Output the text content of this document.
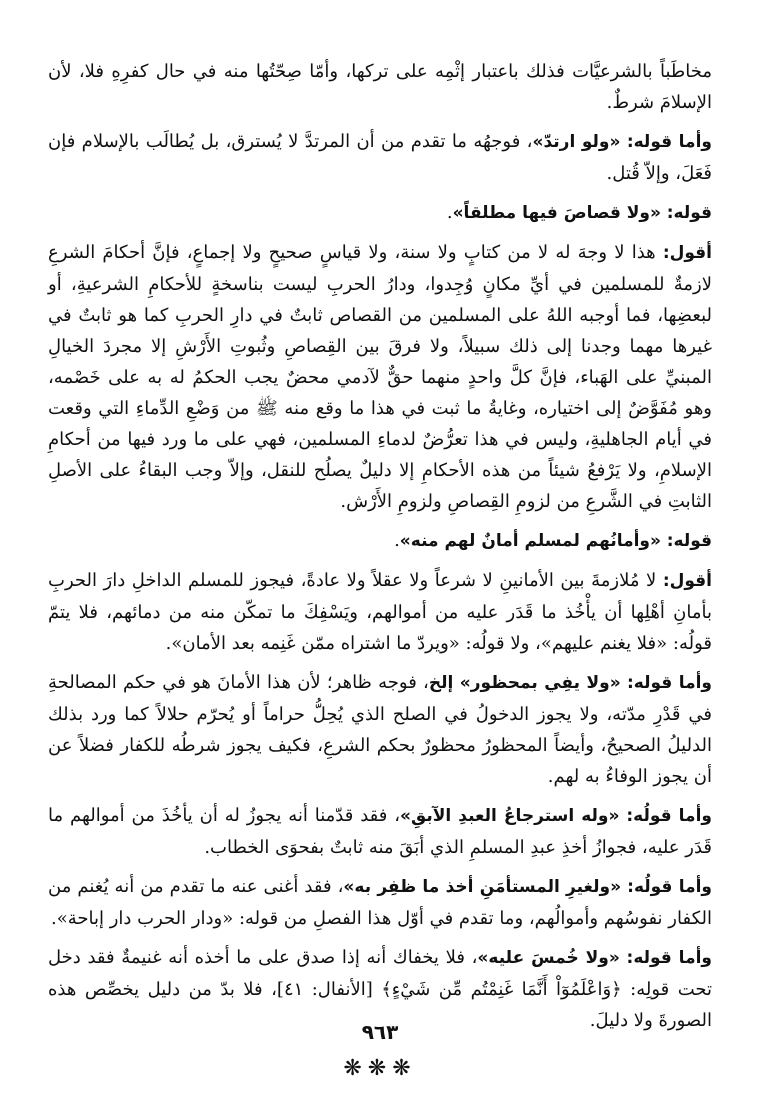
مخاطَباً بالشرعيَّات فذلك باعتبار إثْمِه على تركها، وأمّا صِحّتُها منه في حال كفرِهِ فلا، لأن الإسلامَ شرطٌ.

وأما قوله: «ولو ارتدّ»، فوجهُه ما تقدم من أن المرتدَّ لا يُسترق، بل يُطالَب بالإسلام فإن فَعَلَ، وإلاّ قُتل.

قوله: «ولا قصاصَ فيها مطلقاً».

أقول: هذا لا وجهَ له لا من كتابٍ ولا سنة، ولا قياسٍ صحيحٍ ولا إجماعٍ، فإنَّ أحكامَ الشرعِ لازمةٌ للمسلمين في أيِّ مكانٍ وُجِدوا، ودارُ الحربِ ليست بناسخةٍ للأحكامِ الشرعيةِ، أو لبعضِها، فما أوجبه اللهُ على المسلمين من القصاص ثابتٌ في دارِ الحربِ كما هو ثابتٌ في غيرها مهما وجدنا إلى ذلك سبيلاً، ولا فرقَ بين القِصاصِ وثُبوتِ الأَرْشِ إلا مجردَ الخيالِ المبنيِّ على الهَباء، فإنَّ كلَّ واحدٍ منهما حقٌّ لآدمي محضٌ يجب الحكمُ له به على خَصْمه، وهو مُفَوَّضٌ إلى اختياره، وغايةُ ما ثبت في هذا ما وقع منه ﷺ من وَضْعِ الدِّماءِ التي وقعت في أيام الجاهليةِ، وليس في هذا تعرُّضٌ لدماءِ المسلمين، فهي على ما ورد فيها من أحكامِ الإسلامِ، ولا يَرْفعُ شيئاً من هذه الأحكامِ إلا دليلٌ يصلُح للنقل، وإلاّ وجب البقاءُ على الأصلِ الثابتِ في الشَّرعِ من لزومِ القِصاصِ ولزومِ الأَرْش.

قوله: «وأمانُهم لمسلم أمانٌ لهم منه».

أقول: لا مُلازمةَ بين الأمانينِ لا شرعاً ولا عقلاً ولا عادةً، فيجوز للمسلم الداخلِ دارَ الحربِ بأمانِ أهْلِها أن يأْخُذ ما قَدَر عليه من أموالهم، ويَسْفِكَ ما تمكّن منه من دمائهم، فلا يتمّ قولُه: «فلا يغنم عليهم»، ولا قولُه: «ويردّ ما اشتراه ممّن غَنِمه بعد الأمان».

وأما قوله: «ولا يفِي بمحظور» إلخ، فوجه ظاهر؛ لأن هذا الأمانَ هو في حكم المصالحةِ في قَدْرِ مدّته، ولا يجوز الدخولُ في الصلح الذي يُحِلُّ حراماً أو يُحرّم حلالاً كما ورد بذلك الدليلُ الصحيحُ، وأيضاً المحظورُ محظورٌ بحكم الشرعِ، فكيف يجوز شرطُه للكفار فضلاً عن أن يجوز الوفاءُ به لهم.

وأما قولُه: «وله استرجاعُ العبدِ الآبقِ»، فقد قدّمنا أنه يجوزُ له أن يأخُذَ من أموالهم ما قَدَر عليه، فجوازُ أخذِ عبدِ المسلمِ الذي أبَقَ منه ثابتٌ بفحوَى الخطاب.

وأما قولُه: «ولغيرِ المستأمَنِ أخذ ما ظفِر به»، فقد أغنى عنه ما تقدم من أنه يُغنم من الكفار نفوسُهم وأموالُهم، وما تقدم في أوّل هذا الفصلِ من قوله: «ودار الحرب دار إباحة».

وأما قوله: «ولا خُمسَ عليه»، فلا يخفاك أنه إذا صدق على ما أخذه أنه غنيمةٌ فقد دخل تحت قولِه: ﴿وَاعْلَمُوٓاْ أَنَّمَا غَنِمْتُم مِّن شَيْءٍ﴾ [الأنفال: ٤١]، فلا بدّ من دليل يخصِّص هذه الصورةَ ولا دليلَ.

❋❋❋
٩٦٣
